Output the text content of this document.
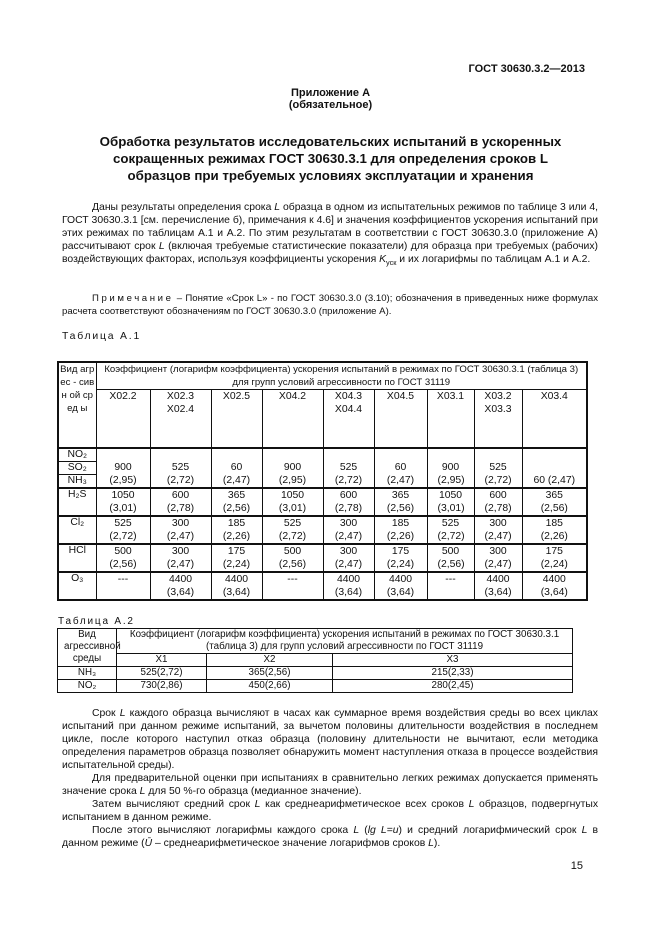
ГОСТ 30630.3.2—2013
Приложение А
(обязательное)
Обработка результатов исследовательских испытаний в ускоренных сокращенных режимах ГОСТ 30630.3.1 для определения сроков L образцов при требуемых условиях эксплуатации и хранения

Даны результаты определения срока L образца в одном из испытательных режимов по таблице 3 или 4, ГОСТ 30630.3.1 [см. перечисление б), примечания к 4.6] и значения коэффициентов ускорения испытаний при этих режимах по таблицам А.1 и А.2. По этим результатам в соответствии с ГОСТ 30630.3.0 (приложение А) рассчитывают срок L (включая требуемые статистические показатели) для образца при требуемых (рабочих) воздействующих факторах, используя коэффициенты ускорения $K_{уск}$ и их логарифмы по таблицам А.1 и А.2.

Примечание – Понятие «Срок L» - по ГОСТ 30630.3.0 (3.10); обозначения в приведенных ниже формулах расчета соответствуют обозначениям по ГОСТ 30630.3.0 (приложение А).

Таблица А.1
Вид агрес - сивн ой сред ы	Коэффициент (логарифм коэффициента) ускорения испытаний в режимах по ГОСТ 30630.3.1 (таблица 3) для групп условий агрессивности по ГОСТ 31119								
	X02.2	X02.3 X02.4	X02.5	X04.2	X04.3 X04.4	X04.5	X03.1	X03.2 X03.3	X03.4

NO₂
SO₂
NH₃	900 (2,95)	525 (2,72)	60 (2,47)	900 (2,95)	525 (2,72)	60 (2,47)	900 (2,95)	525 (2,72)	60 (2,47)

H₂S	1050 (3,01)	600 (2,78)	365 (2,56)	1050 (3,01)	600 (2,78)	365 (2,56)	1050 (3,01)	600 (2,78)	365 (2,56)

Cl₂	525 (2,72)	300 (2,47)	185 (2,26)	525 (2,72)	300 (2,47)	185 (2,26)	525 (2,72)	300 (2,47)	185 (2,26)

HCl	500 (2,56)	300 (2,47)	175 (2,24)	500 (2,56)	300 (2,47)	175 (2,24)	500 (2,56)	300 (2,47)	175 (2,24)

O₃	---	4400 (3,64)	4400 (3,64)	---	4400 (3,64)	4400 (3,64)	---	4400 (3,64)	4400 (3,64)
Таблица А.2
Вид агрессивной среды	Коэффициент (логарифм коэффициента) ускорения испытаний в режимах по ГОСТ 30630.3.1 (таблица 3) для групп условий агрессивности по ГОСТ 31119		
	X1	X2	X3
NH₃	525(2,72)	365(2,56)	215(2,33)
NO₂	730(2,86)	450(2,66)	280(2,45)

Срок L каждого образца вычисляют в часах как суммарное время воздействия среды во всех циклах испытаний при данном режиме испытаний, за вычетом половины длительности воздействия в последнем цикле, после которого наступил отказ образца (половину длительности не вычитают, если методика определения параметров образца позволяет обнаружить момент наступления отказа в процессе воздействия испытательной среды).

Для предварительной оценки при испытаниях в сравнительно легких режимах допускается применять значение срока L для 50 %-го образца (медианное значение).

Затем вычисляют средний срок L как среднеарифметическое всех сроков L образцов, подвергнутых испытанием в данном режиме.

После этого вычисляют логарифмы каждого срока L (lg L=u) и средний логарифмический срок L в данном режиме (Ū – среднеарифметическое значение логарифмов сроков L).

15
